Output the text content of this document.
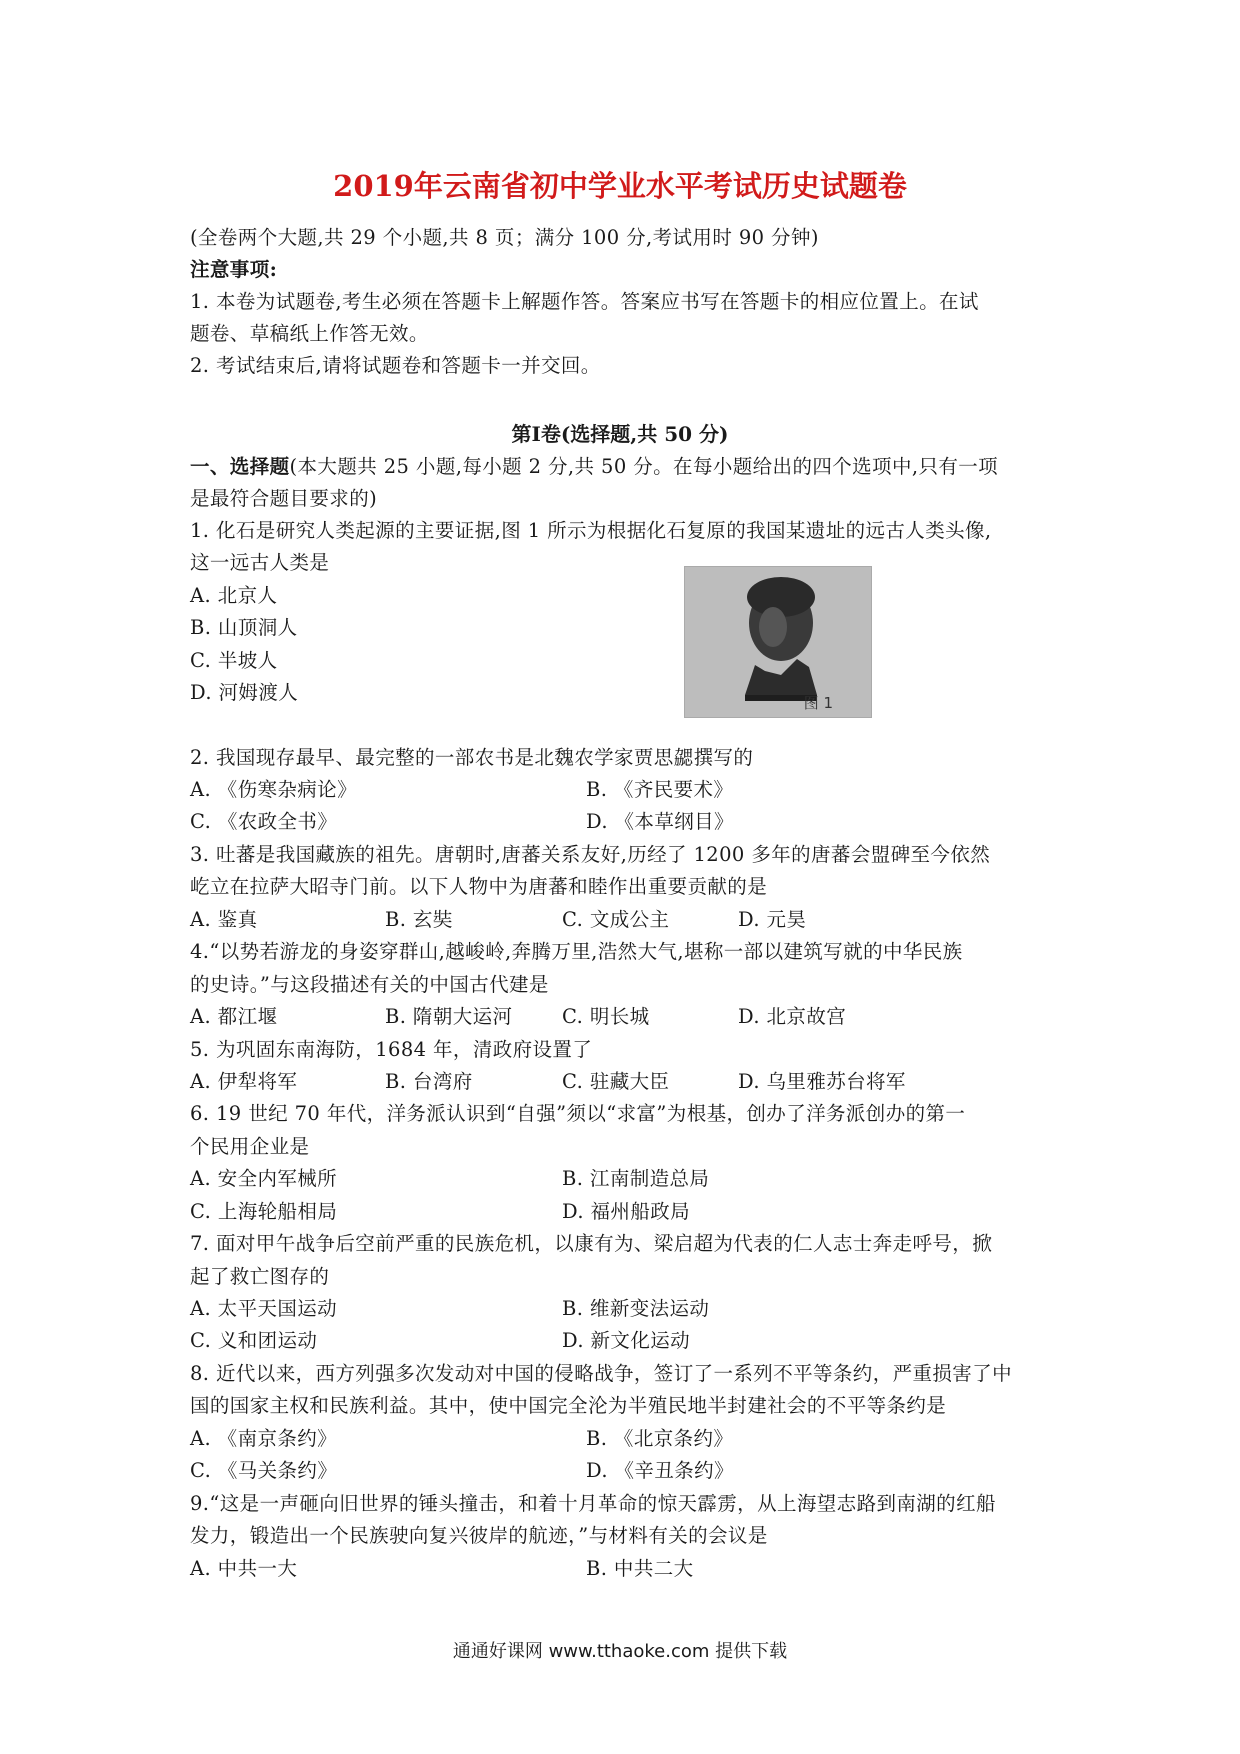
2019年云南省初中学业水平考试历史试题卷
(全卷两个大题,共 29 个小题,共 8 页；满分 100 分,考试用时 90 分钟)
注意事项:
1. 本卷为试题卷,考生必须在答题卡上解题作答。答案应书写在答题卡的相应位置上。在试
题卷、草稿纸上作答无效。
2. 考试结束后,请将试题卷和答题卡一并交回。
第Ⅰ卷(选择题,共 50 分)
一、选择题(本大题共 25 小题,每小题 2 分,共 50 分。在每小题给出的四个选项中,只有一项
是最符合题目要求的)
1. 化石是研究人类起源的主要证据,图 1 所示为根据化石复原的我国某遗址的远古人类头像,
这一远古人类是
A. 北京人
B. 山顶洞人
C. 半坡人
D. 河姆渡人	图 1
2. 我国现存最早、最完整的一部农书是北魏农学家贾思勰撰写的
A. 《伤寒杂病论》	B. 《齐民要术》
C. 《农政全书》	D. 《本草纲目》
3. 吐蕃是我国藏族的祖先。唐朝时,唐蕃关系友好,历经了 1200 多年的唐蕃会盟碑至今依然
屹立在拉萨大昭寺门前。以下人物中为唐蕃和睦作出重要贡献的是
A. 鉴真	B. 玄奘	C. 文成公主	D. 元昊
4.“以势若游龙的身姿穿群山,越峻岭,奔腾万里,浩然大气,堪称一部以建筑写就的中华民族
的史诗。”与这段描述有关的中国古代建是
A. 都江堰	B. 隋朝大运河	C. 明长城	D. 北京故宫
5. 为巩固东南海防，1684 年，清政府设置了
A. 伊犁将军	B. 台湾府	C. 驻藏大臣	D. 乌里雅苏台将军
6. 19 世纪 70 年代，洋务派认识到“自强”须以“求富”为根基，创办了洋务派创办的第一
个民用企业是
A. 安全内军械所	B. 江南制造总局
C. 上海轮船相局	D. 福州船政局
7. 面对甲午战争后空前严重的民族危机，以康有为、梁启超为代表的仁人志士奔走呼号，掀
起了救亡图存的
A. 太平天国运动	B. 维新变法运动
C. 义和团运动	D. 新文化运动
8. 近代以来，西方列强多次发动对中国的侵略战争，签订了一系列不平等条约，严重损害了中
国的国家主权和民族利益。其中，使中国完全沦为半殖民地半封建社会的不平等条约是
A. 《南京条约》	B. 《北京条约》
C. 《马关条约》	D. 《辛丑条约》
9.“这是一声砸向旧世界的锤头撞击，和着十月革命的惊天霹雳，从上海望志路到南湖的红船
发力，锻造出一个民族驶向复兴彼岸的航迹，”与材料有关的会议是
A. 中共一大	B. 中共二大
通通好课网 www.tthaoke.com 提供下载
